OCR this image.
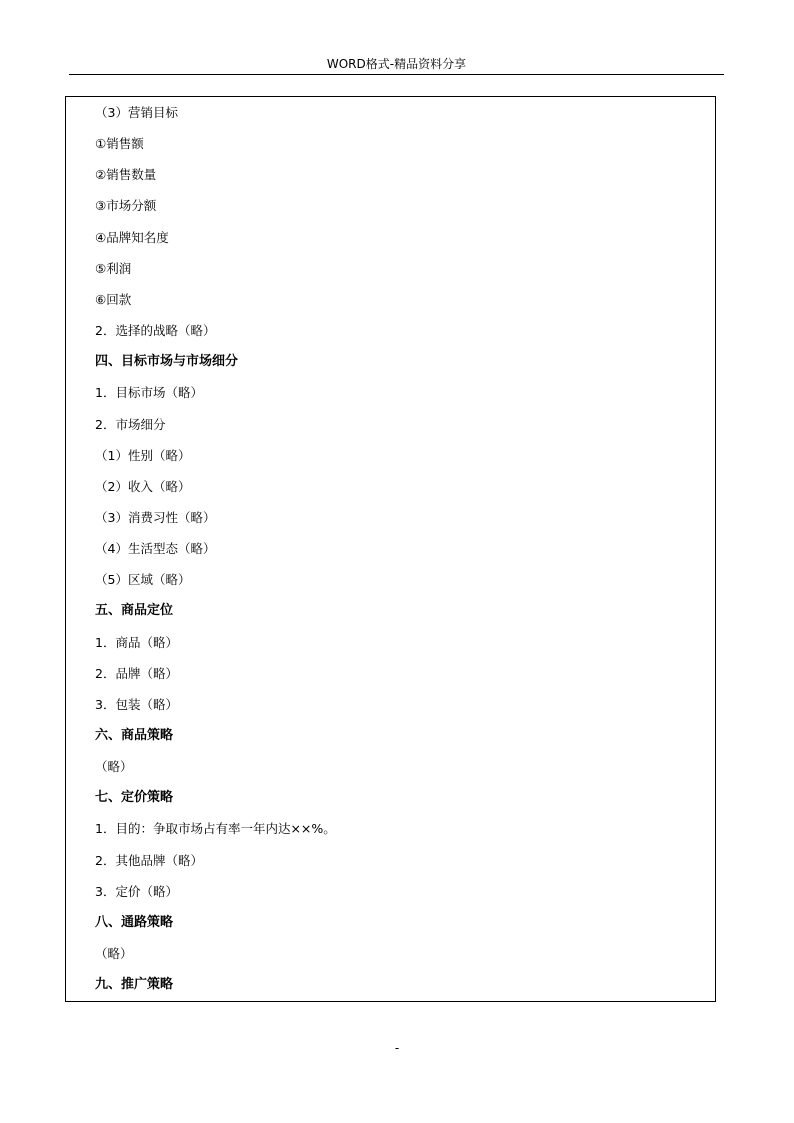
WORD格式-精品资料分享
（3）营销目标
①销售额
②销售数量
③市场分额
④品牌知名度
⑤利润
⑥回款
2．选择的战略（略）
四、目标市场与市场细分
1．目标市场（略）
2．市场细分
（1）性别（略）
（2）收入（略）
（3）消费习性（略）
（4）生活型态（略）
（5）区域（略）
五、商品定位
1．商品（略）
2．品牌（略）
3．包装（略）
六、商品策略
（略）
七、定价策略
1．目的：争取市场占有率一年内达××%。
2．其他品牌（略）
3．定价（略）
八、通路策略
（略）
九、推广策略
-
